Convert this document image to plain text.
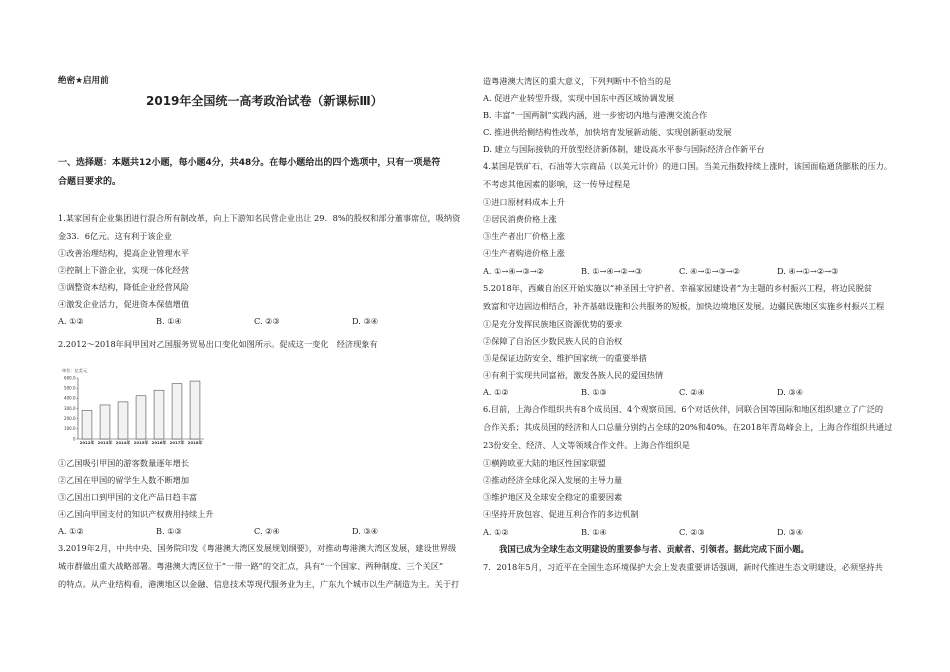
绝密★启用前
2019年全国统一高考政治试卷（新课标Ⅲ）
一、选择题：本题共12小题，每小题4分，共48分。在每小题给出的四个选项中，只有一项是符
合题目要求的。
1.某家国有企业集团进行混合所有制改革，向上下游知名民营企业出让 29．8%的股权和部分董事席位，吸纳资
金33．6亿元。这有利于该企业
①改善治理结构，提高企业管理水平
②控制上下游企业，实现一体化经营
③调整资本结构，降低企业经营风险
④激发企业活力，促进资本保值增值
A. ①②	B. ①④	C. ②③	D. ③④
2.2012～2018年间甲国对乙国服务贸易出口变化如图所示。促成这一变化　经济现象有
单位：亿美元
0
100.0
200.0
300.0
400.0
500.0
600.0
2012年 2013年 2014年 2015年 2016年 2017年 2018年
①乙国吸引甲国的游客数量逐年增长
②乙国在甲国的留学生人数不断增加
③乙国出口到甲国的文化产品日趋丰富
④乙国向甲国支付的知识产权费用持续上升
A. ①②	B. ①③	C. ②④	D. ③④
3.2019年2月，中共中央、国务院印发《粤港澳大湾区发展规划纲要》，对推动粤港澳大湾区发展，建设世界级
城市群做出重大战略部署。粤港澳大湾区位于“一带一路”的交汇点，具有“一个国家、两种制度、三个关区”
的特点。从产业结构看，港澳地区以金融、信息技术等现代服务业为主，广东九个城市以生产制造为主。关于打
造粤港澳大湾区的重大意义，下列判断中不恰当的是
A. 促进产业转型升级，实现中国东中西区域协调发展
B. 丰富“一国两制”实践内涵，进一步密切内地与港澳交流合作
C. 推进供给侧结构性改革，加快培育发展新动能、实现创新驱动发展
D. 建立与国际接轨的开放型经济新体制，建设高水平参与国际经济合作新平台
4.某国是铁矿石、石油等大宗商品（以美元计价）的进口国。当美元指数持续上涨时，该国面临通货膨胀的压力。
不考虑其他因素的影响，这一传导过程是
①进口原材料成本上升
②居民消费价格上涨
③生产者出厂价格上涨
④生产者购进价格上涨
A. ①→④→③→②	B. ①→④→②→③	C. ④→①→③→②	D. ④→①→②→③
5.2018年，西藏自治区开始实施以“神圣国土守护者、幸福家园建设者”为主题的乡村振兴工程，将边民脱贫
致富和守边固边相结合，补齐基础设施和公共服务的短板，加快边境地区发展。边疆民族地区实施乡村振兴工程
①是充分发挥民族地区资源优势的要求
②保障了自治区少数民族人民的自治权
③是保证边防安全、维护国家统一的重要举措
④有利于实现共同富裕，激发各族人民的爱国热情
A. ①②	B. ①③	C. ②④	D. ③④
6.目前，上海合作组织共有8个成员国、4个观察员国、6个对话伙伴，同联合国等国际和地区组织建立了广泛的
合作关系；其成员国的经济和人口总量分别约占全球的20%和40%。在2018年青岛峰会上，上海合作组织共通过
23份安全、经济、人文等领域合作文件。上海合作组织是
①横跨欧亚大陆的地区性国家联盟
②推动经济全球化深入发展的主导力量
③维护地区及全球安全稳定的重要因素
④坚持开放包容、促进互利合作的多边机制
A. ①②	B. ①④	C. ②③	D. ③④
我国已成为全球生态文明建设的重要参与者、贡献者、引领者。据此完成下面小题。
7．2018年5月，习近平在全国生态环境保护大会上发表重要讲话强调，新时代推进生态文明建设，必须坚持共
